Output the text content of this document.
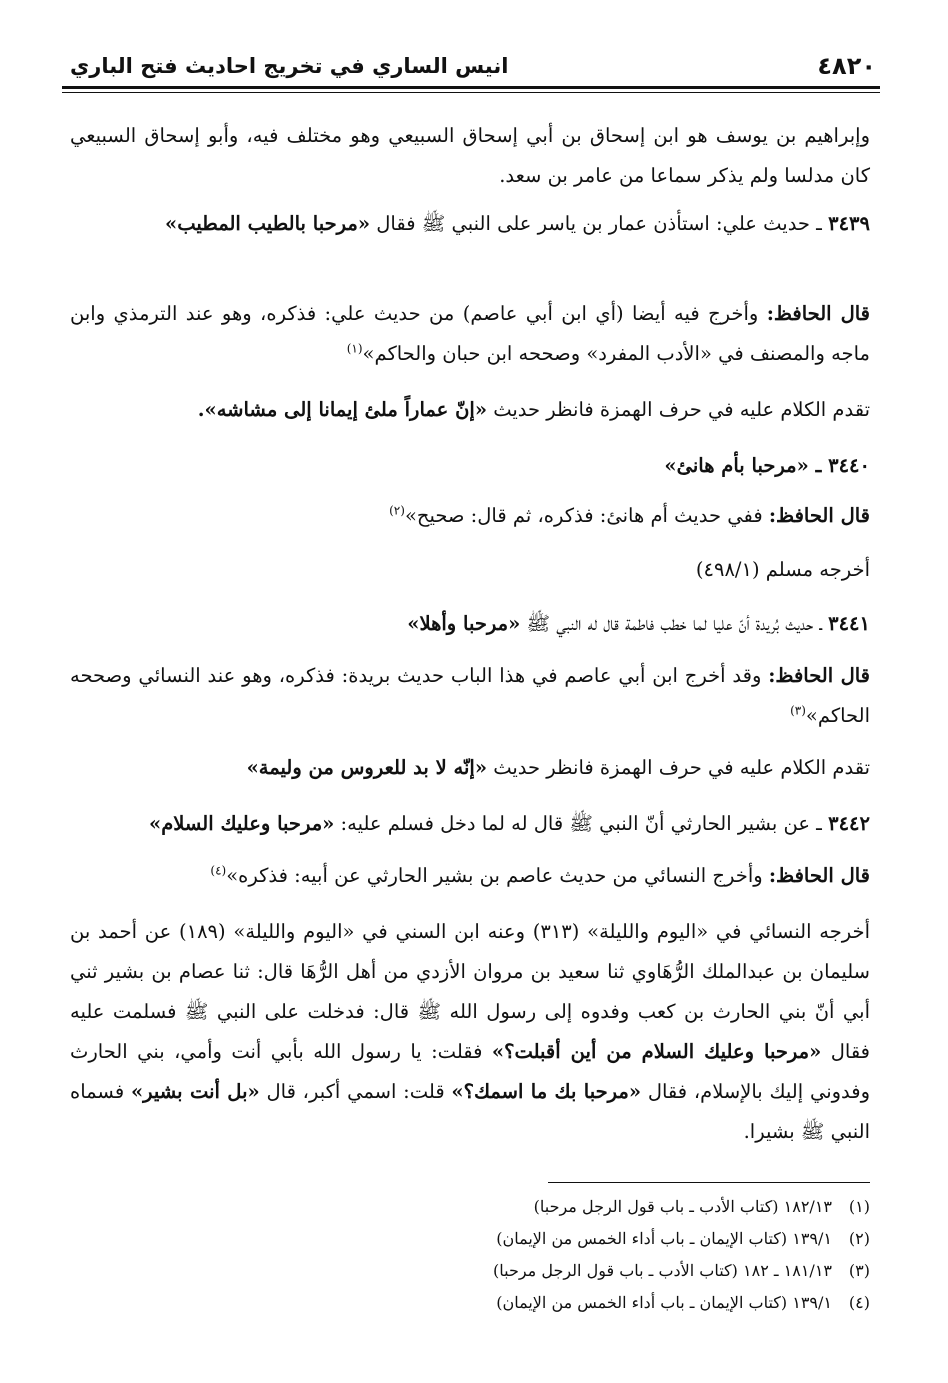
٤٨٢٠
انيس الساري في تخريج احاديث فتح الباري
وإبراهيم بن يوسف هو ابن إسحاق بن أبي إسحاق السبيعي وهو مختلف فيه، وأبو إسحاق السبيعي كان مدلسا ولم يذكر سماعا من عامر بن سعد.
٣٤٣٩ ـ حديث علي: استأذن عمار بن ياسر على النبي ﷺ فقال «مرحبا بالطيب المطيب»
قال الحافظ: وأخرج فيه أيضا (أي ابن أبي عاصم) من حديث علي: فذكره، وهو عند الترمذي وابن ماجه والمصنف في «الأدب المفرد» وصححه ابن حبان والحاكم»$^{(١)}$
تقدم الكلام عليه في حرف الهمزة فانظر حديث «إنّ عماراً ملئ إيمانا إلى مشاشه».
٣٤٤٠ ـ «مرحبا بأم هانئ»
قال الحافظ: ففي حديث أم هانئ: فذكره، ثم قال: صحيح»$^{(٢)}$
أخرجه مسلم (٤٩٨/١)
٣٤٤١ ـ حديث بُريدة أنّ عليا لما خطب فاطمة قال له النبي ﷺ «مرحبا وأهلا»
قال الحافظ: وقد أخرج ابن أبي عاصم في هذا الباب حديث بريدة: فذكره، وهو عند النسائي وصححه الحاكم»$^{(٣)}$
تقدم الكلام عليه في حرف الهمزة فانظر حديث «إنّه لا بد للعروس من وليمة»
٣٤٤٢ ـ عن بشير الحارثي أنّ النبي ﷺ قال له لما دخل فسلم عليه: «مرحبا وعليك السلام»
قال الحافظ: وأخرج النسائي من حديث عاصم بن بشير الحارثي عن أبيه: فذكره»$^{(٤)}$
أخرجه النسائي في «اليوم والليلة» (٣١٣) وعنه ابن السني في «اليوم والليلة» (١٨٩) عن أحمد بن سليمان بن عبدالملك الرُّهَاوي ثنا سعيد بن مروان الأزدي من أهل الرُّهَا قال: ثنا عصام بن بشير ثني أبي أنّ بني الحارث بن كعب وفدوه إلى رسول الله ﷺ قال: فدخلت على النبي ﷺ فسلمت عليه فقال «مرحبا وعليك السلام من أين أقبلت؟» فقلت: يا رسول الله بأبي أنت وأمي، بني الحارث وفدوني إليك بالإسلام، فقال «مرحبا بك ما اسمك؟» قلت: اسمي أكبر، قال «بل أنت بشير» فسماه النبي ﷺ بشيرا.
(١)١٨٢/١٣ (كتاب الأدب ـ باب قول الرجل مرحبا)
(٢)١٣٩/١ (كتاب الإيمان ـ باب أداء الخمس من الإيمان)
(٣)١٨١/١٣ ـ ١٨٢ (كتاب الأدب ـ باب قول الرجل مرحبا)
(٤)١٣٩/١ (كتاب الإيمان ـ باب أداء الخمس من الإيمان)
